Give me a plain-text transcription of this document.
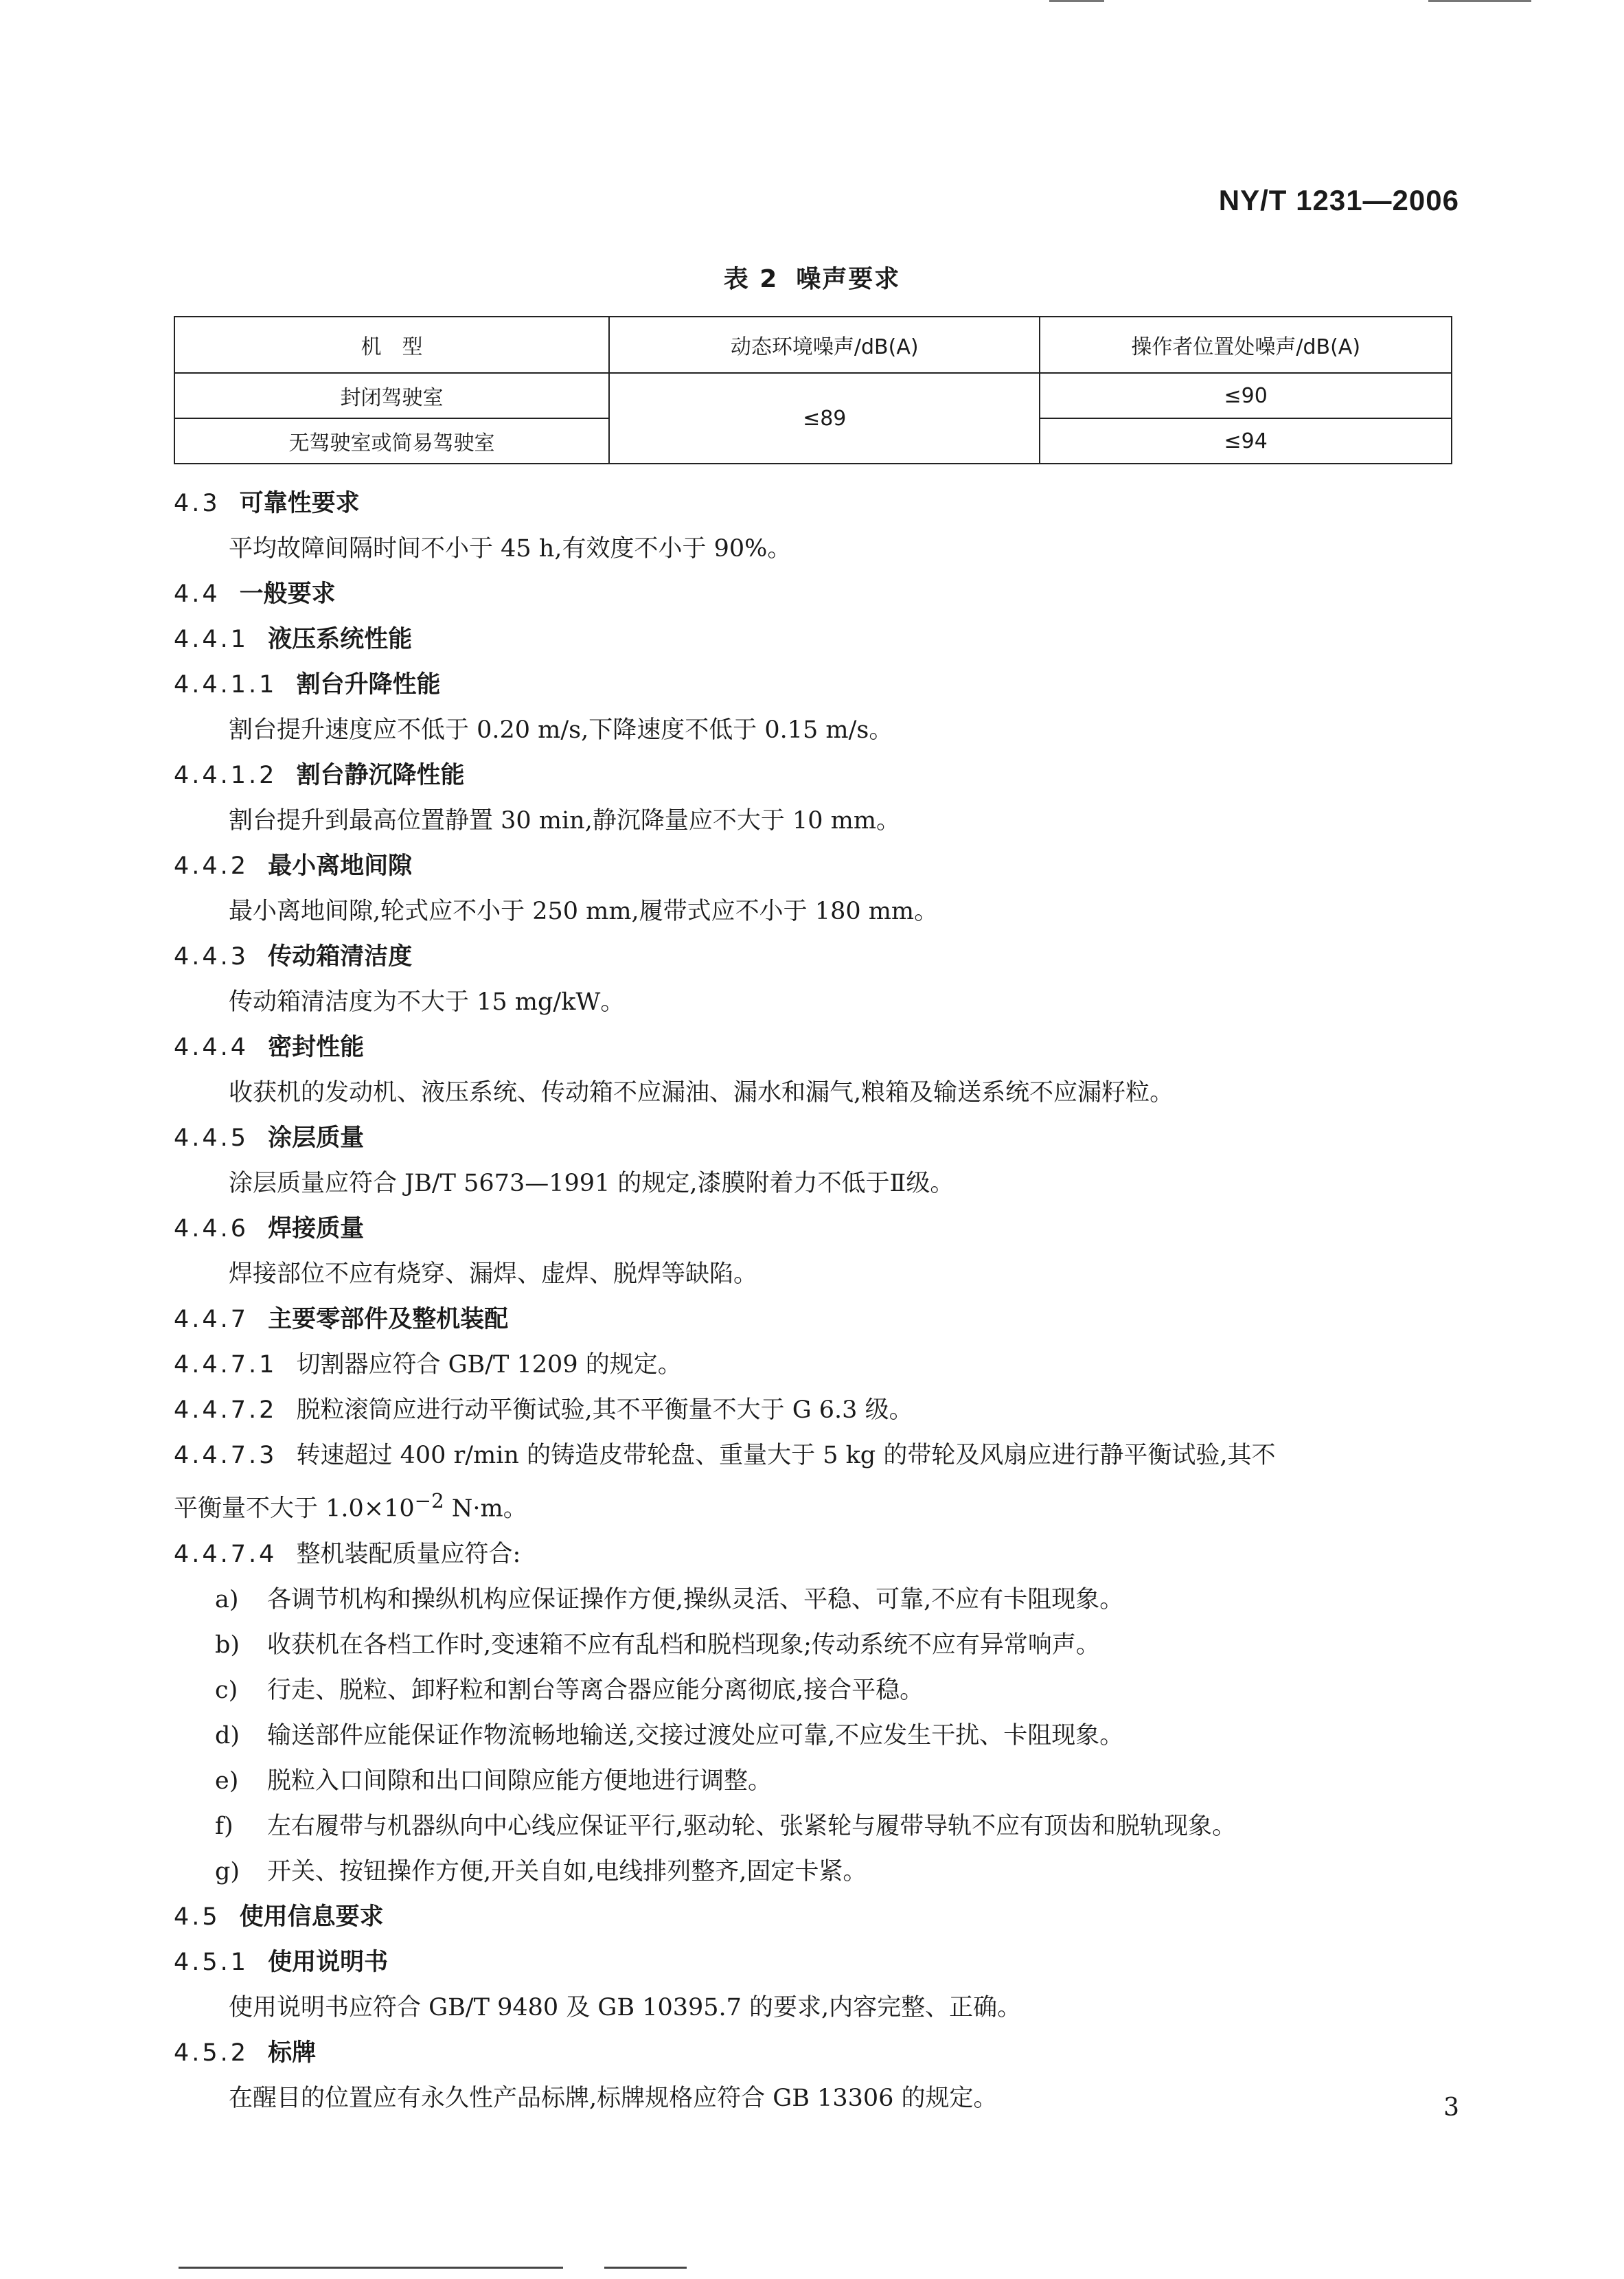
NY/T 1231—2006
表 2 噪声要求
机　型	动态环境噪声/dB(A)	操作者位置处噪声/dB(A)
封闭驾驶室	≤89	≤90
无驾驶室或简易驾驶室		≤94
4.3 可靠性要求
平均故障间隔时间不小于 45 h,有效度不小于 90%。
4.4 一般要求
4.4.1 液压系统性能
4.4.1.1 割台升降性能
割台提升速度应不低于 0.20 m/s,下降速度不低于 0.15 m/s。
4.4.1.2 割台静沉降性能
割台提升到最高位置静置 30 min,静沉降量应不大于 10 mm。
4.4.2 最小离地间隙
最小离地间隙,轮式应不小于 250 mm,履带式应不小于 180 mm。
4.4.3 传动箱清洁度
传动箱清洁度为不大于 15 mg/kW。
4.4.4 密封性能
收获机的发动机、液压系统、传动箱不应漏油、漏水和漏气,粮箱及输送系统不应漏籽粒。
4.4.5 涂层质量
涂层质量应符合 JB/T 5673—1991 的规定,漆膜附着力不低于Ⅱ级。
4.4.6 焊接质量
焊接部位不应有烧穿、漏焊、虚焊、脱焊等缺陷。
4.4.7 主要零部件及整机装配
4.4.7.1 切割器应符合 GB/T 1209 的规定。
4.4.7.2 脱粒滚筒应进行动平衡试验,其不平衡量不大于 G 6.3 级。
4.4.7.3 转速超过 400 r/min 的铸造皮带轮盘、重量大于 5 kg 的带轮及风扇应进行静平衡试验,其不
平衡量不大于 $1.0\times 10^{-2}$ N·m。
4.4.7.4 整机装配质量应符合:
a) 各调节机构和操纵机构应保证操作方便,操纵灵活、平稳、可靠,不应有卡阻现象。
b) 收获机在各档工作时,变速箱不应有乱档和脱档现象;传动系统不应有异常响声。
c) 行走、脱粒、卸籽粒和割台等离合器应能分离彻底,接合平稳。
d) 输送部件应能保证作物流畅地输送,交接过渡处应可靠,不应发生干扰、卡阻现象。
e) 脱粒入口间隙和出口间隙应能方便地进行调整。
f) 左右履带与机器纵向中心线应保证平行,驱动轮、张紧轮与履带导轨不应有顶齿和脱轨现象。
g) 开关、按钮操作方便,开关自如,电线排列整齐,固定卡紧。
4.5 使用信息要求
4.5.1 使用说明书
使用说明书应符合 GB/T 9480 及 GB 10395.7 的要求,内容完整、正确。
4.5.2 标牌
在醒目的位置应有永久性产品标牌,标牌规格应符合 GB 13306 的规定。	3
